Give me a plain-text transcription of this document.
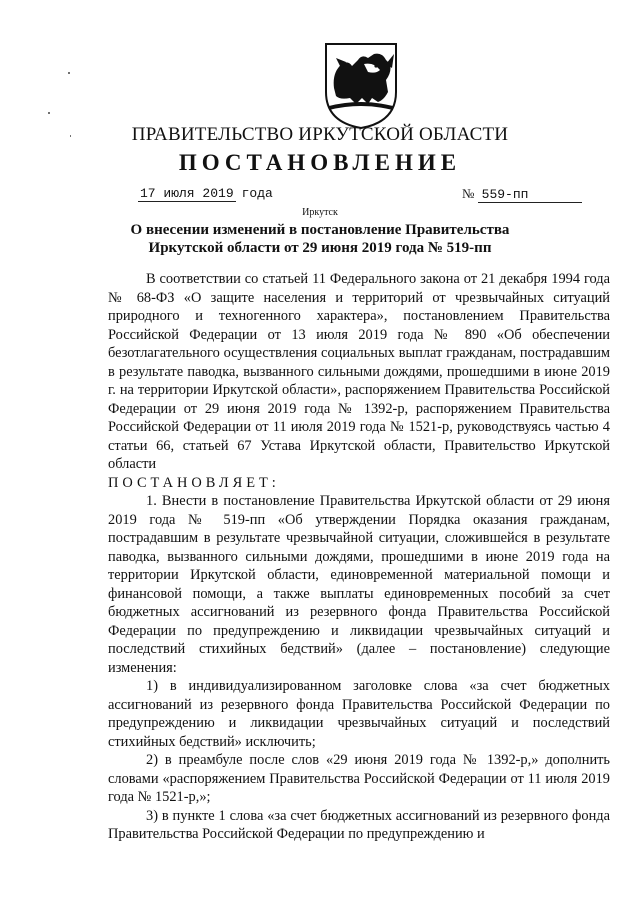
ПРАВИТЕЛЬСТВО ИРКУТСКОЙ ОБЛАСТИ
ПОСТАНОВЛЕНИЕ
17 июля 2019 года	№ 559-пп
Иркутск
О внесении изменений в постановление Правительства Иркутской области от 29 июня 2019 года № 519-пп

В соответствии со статьей 11 Федерального закона от 21 декабря 1994 года № 68-ФЗ «О защите населения и территорий от чрезвычайных ситуаций природного и техногенного характера», постановлением Правительства Российской Федерации от 13 июля 2019 года № 890 «Об обеспечении безотлагательного осуществления социальных выплат гражданам, пострадавшим в результате паводка, вызванного сильными дождями, прошедшими в июне 2019 г. на территории Иркутской области», распоряжением Правительства Российской Федерации от 29 июня 2019 года № 1392-р, распоряжением Правительства Российской Федерации от 11 июля 2019 года № 1521-р, руководствуясь частью 4 статьи 66, статьей 67 Устава Иркутской области, Правительство Иркутской области

ПОСТАНОВЛЯЕТ:

1. Внести в постановление Правительства Иркутской области от 29 июня 2019 года № 519-пп «Об утверждении Порядка оказания гражданам, пострадавшим в результате чрезвычайной ситуации, сложившейся в результате паводка, вызванного сильными дождями, прошедшими в июне 2019 года на территории Иркутской области, единовременной материальной помощи и финансовой помощи, а также выплаты единовременных пособий за счет бюджетных ассигнований из резервного фонда Правительства Российской Федерации по предупреждению и ликвидации чрезвычайных ситуаций и последствий стихийных бедствий» (далее – постановление) следующие изменения:

1) в индивидуализированном заголовке слова «за счет бюджетных ассигнований из резервного фонда Правительства Российской Федерации по предупреждению и ликвидации чрезвычайных ситуаций и последствий стихийных бедствий» исключить;

2) в преамбуле после слов «29 июня 2019 года № 1392-р,» дополнить словами «распоряжением Правительства Российской Федерации от 11 июля 2019 года № 1521-р,»;

3) в пункте 1 слова «за счет бюджетных ассигнований из резервного фонда Правительства Российской Федерации по предупреждению и
